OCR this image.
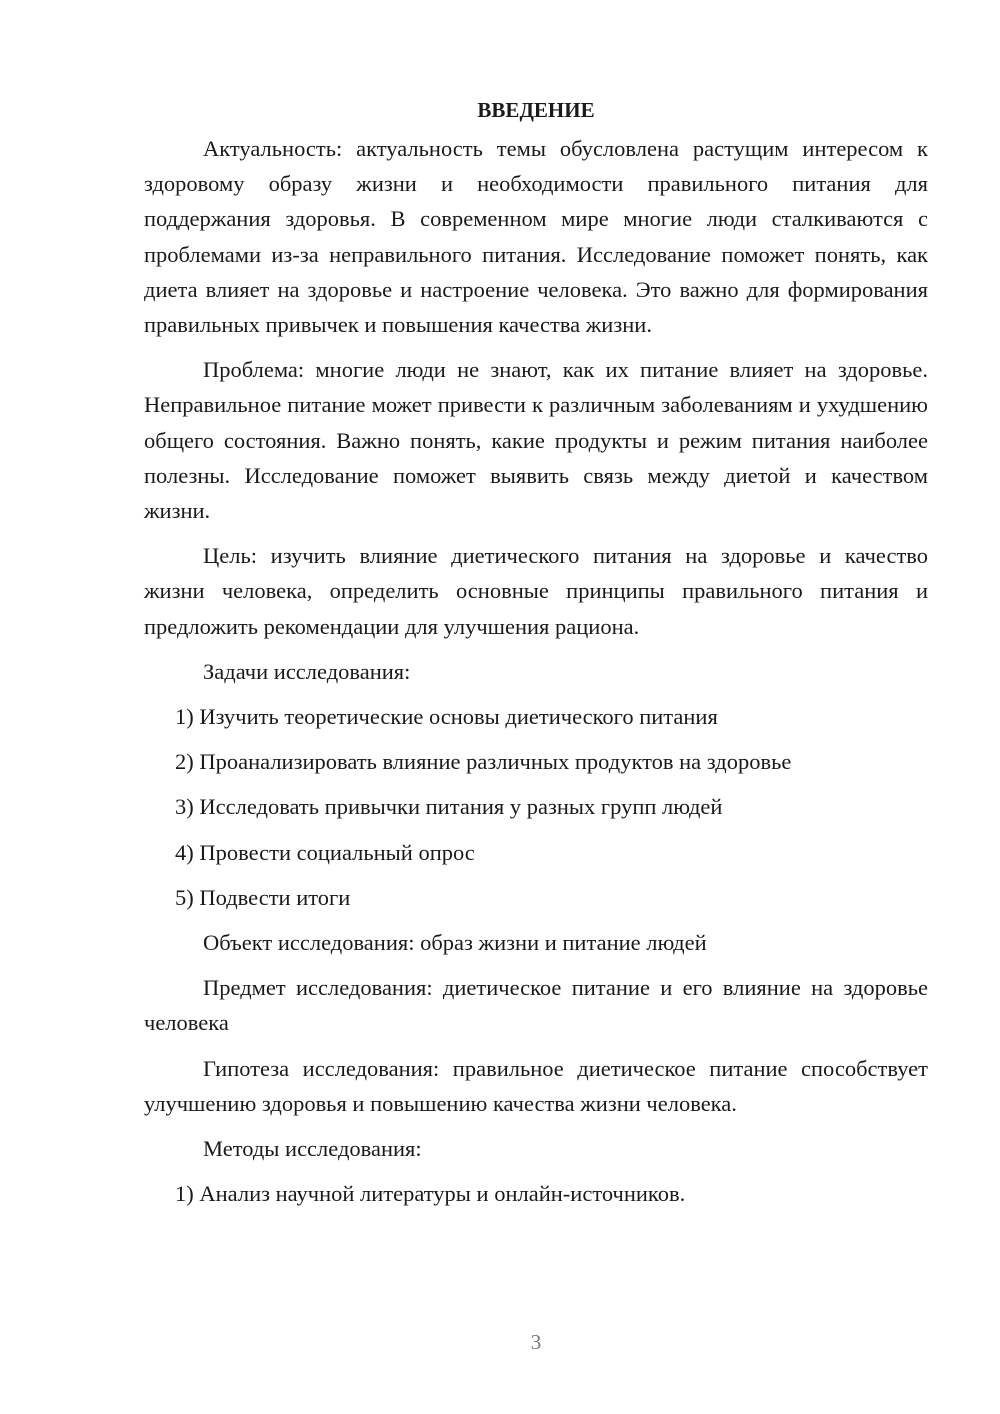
ВВЕДЕНИЕ

Актуальность: актуальность темы обусловлена растущим интересом к здоровому образу жизни и необходимости правильного питания для поддержания здоровья. В современном мире многие люди сталкиваются с проблемами из-за неправильного питания. Исследование поможет понять, как диета влияет на здоровье и настроение человека. Это важно для формирования правильных привычек и повышения качества жизни.

Проблема: многие люди не знают, как их питание влияет на здоровье. Неправильное питание может привести к различным заболеваниям и ухудшению общего состояния. Важно понять, какие продукты и режим питания наиболее полезны. Исследование поможет выявить связь между диетой и качеством жизни.

Цель: изучить влияние диетического питания на здоровье и качество жизни человека, определить основные принципы правильного питания и предложить рекомендации для улучшения рациона.

Задачи исследования:

1) Изучить теоретические основы диетического питания

2) Проанализировать влияние различных продуктов на здоровье

3) Исследовать привычки питания у разных групп людей

4) Провести социальный опрос

5) Подвести итоги

Объект исследования: образ жизни и питание людей

Предмет исследования: диетическое питание и его влияние на здоровье человека

Гипотеза исследования: правильное диетическое питание способствует улучшению здоровья и повышению качества жизни человека.

Методы исследования:

1) Анализ научной литературы и онлайн-источников.

3
